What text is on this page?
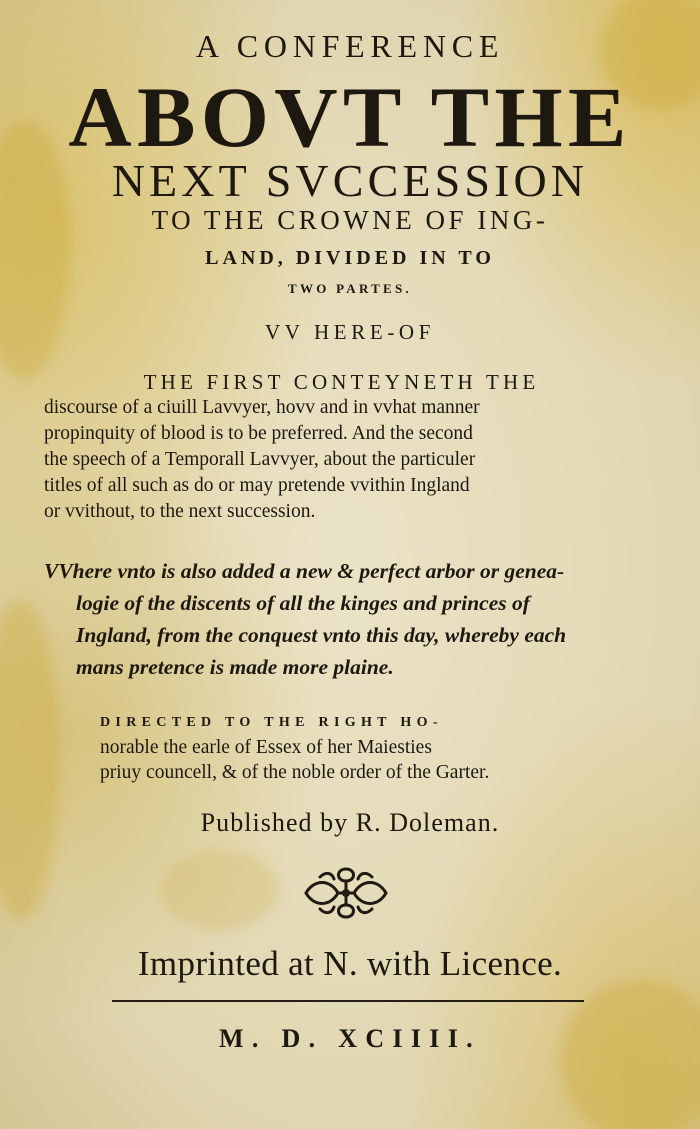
A CONFERENCE
ABOVT THE
NEXT SVCCESSION
TO THE CROWNE OF ING-
LAND, DIVIDED IN TO
TWO PARTES.
VV HERE-OF
THE FIRST CONTEYNETH THE
discourse of a ciuill Lavvyer, hovv and in vvhat manner
propinquity of blood is to be preferred. And the second
the speech of a Temporall Lavvyer, about the particuler
titles of all such as do or may pretende vvithin Ingland
or vvithout, to the next succession.
VVhere vnto is also added a new & perfect arbor or genea-
logie of the discents of all the kinges and princes of
Ingland, from the conquest vnto this day, whereby each
mans pretence is made more plaine.
DIRECTED TO THE RIGHT HO-
norable the earle of Essex of her Maiesties
priuy councell, & of the noble order of the Garter.
Published by R. Doleman.
Imprinted at N. with Licence.
M. D. XCIIII.
